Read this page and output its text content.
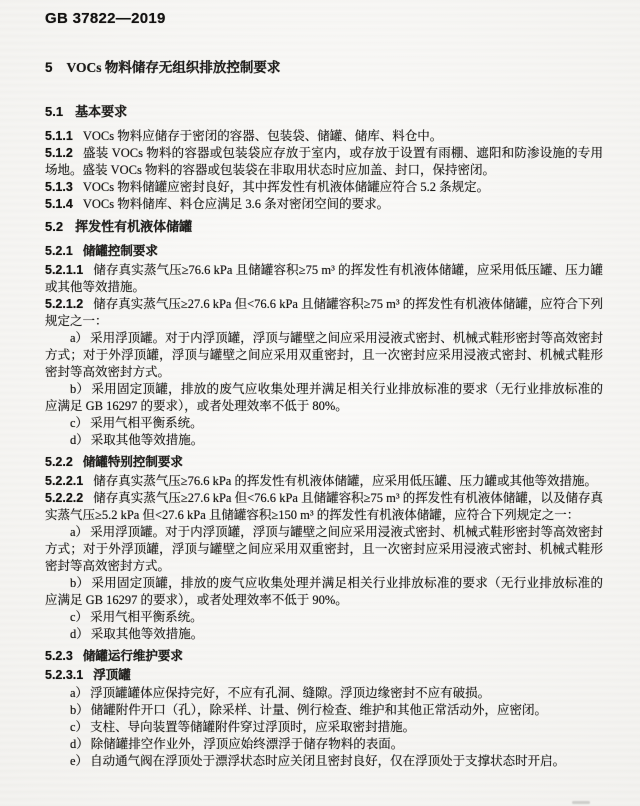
GB 37822—2019
5 VOCs 物料储存无组织排放控制要求
5.1 基本要求

5.1.1 VOCs 物料应储存于密闭的容器、包装袋、储罐、储库、料仓中。

5.1.2 盛装 VOCs 物料的容器或包装袋应存放于室内，或存放于设置有雨棚、遮阳和防渗设施的专用场地。盛装 VOCs 物料的容器或包装袋在非取用状态时应加盖、封口，保持密闭。

5.1.3 VOCs 物料储罐应密封良好，其中挥发性有机液体储罐应符合 5.2 条规定。

5.1.4 VOCs 物料储库、料仓应满足 3.6 条对密闭空间的要求。

5.2 挥发性有机液体储罐
5.2.1 储罐控制要求

5.2.1.1 储存真实蒸气压≥76.6 kPa 且储罐容积≥75 m³ 的挥发性有机液体储罐，应采用低压罐、压力罐或其他等效措施。

5.2.1.2 储存真实蒸气压≥27.6 kPa 但<76.6 kPa 且储罐容积≥75 m³ 的挥发性有机液体储罐，应符合下列规定之一：

a） 采用浮顶罐。对于内浮顶罐，浮顶与罐壁之间应采用浸液式密封、机械式鞋形密封等高效密封方式；对于外浮顶罐，浮顶与罐壁之间应采用双重密封，且一次密封应采用浸液式密封、机械式鞋形密封等高效密封方式。

b） 采用固定顶罐，排放的废气应收集处理并满足相关行业排放标准的要求（无行业排放标准的应满足 GB 16297 的要求），或者处理效率不低于 80%。

c） 采用气相平衡系统。

d） 采取其他等效措施。

5.2.2 储罐特别控制要求

5.2.2.1 储存真实蒸气压≥76.6 kPa 的挥发性有机液体储罐，应采用低压罐、压力罐或其他等效措施。

5.2.2.2 储存真实蒸气压≥27.6 kPa 但<76.6 kPa 且储罐容积≥75 m³ 的挥发性有机液体储罐，以及储存真实蒸气压≥5.2 kPa 但<27.6 kPa 且储罐容积≥150 m³ 的挥发性有机液体储罐，应符合下列规定之一：

a） 采用浮顶罐。对于内浮顶罐，浮顶与罐壁之间应采用浸液式密封、机械式鞋形密封等高效密封方式；对于外浮顶罐，浮顶与罐壁之间应采用双重密封，且一次密封应采用浸液式密封、机械式鞋形密封等高效密封方式。

b） 采用固定顶罐，排放的废气应收集处理并满足相关行业排放标准的要求（无行业排放标准的应满足 GB 16297 的要求），或者处理效率不低于 90%。

c） 采用气相平衡系统。

d） 采取其他等效措施。

5.2.3 储罐运行维护要求
5.2.3.1 浮顶罐

a） 浮顶罐罐体应保持完好，不应有孔洞、缝隙。浮顶边缘密封不应有破损。

b） 储罐附件开口（孔），除采样、计量、例行检查、维护和其他正常活动外，应密闭。

c） 支柱、导向装置等储罐附件穿过浮顶时，应采取密封措施。

d） 除储罐排空作业外，浮顶应始终漂浮于储存物料的表面。

e） 自动通气阀在浮顶处于漂浮状态时应关闭且密封良好，仅在浮顶处于支撑状态时开启。
